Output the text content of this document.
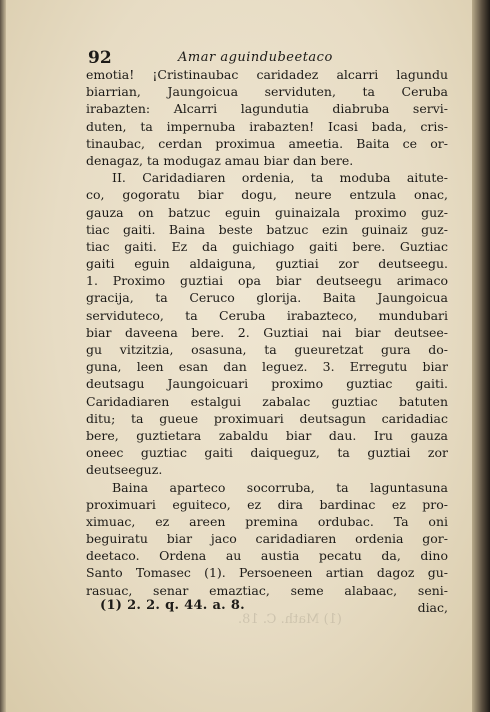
92	Amar aguindubeetaco
emotia! ¡Cristinaubac caridadez alcarri lagundu
biarrian, Jaungoicua serviduten, ta Ceruba
irabazten: Alcarri lagundutia diabruba servi-
duten, ta impernuba irabazten! Icasi bada, cris-
tinaubac, cerdan proximua ameetia. Baita ce or-
denagaz, ta modugaz amau biar dan bere.
II. Caridadiaren ordenia, ta moduba aitute-
co, gogoratu biar dogu, neure entzula onac,
gauza on batzuc eguin guinaizala proximo guz-
tiac gaiti. Baina beste batzuc ezin guinaiz guz-
tiac gaiti. Ez da guichiago gaiti bere. Guztiac
gaiti eguin aldaiguna, guztiai zor deutseegu.
1. Proximo guztiai opa biar deutseegu arimaco
gracija, ta Ceruco glorija. Baita Jaungoicua
serviduteco, ta Ceruba irabazteco, mundubari
biar daveena bere. 2. Guztiai nai biar deutsee-
gu vitzitzia, osasuna, ta gueuretzat gura do-
guna, leen esan dan leguez. 3. Erregutu biar
deutsagu Jaungoicuari proximo guztiac gaiti.
Caridadiaren estalgui zabalac guztiac batuten
ditu; ta gueue proximuari deutsagun caridadiac
bere, guztietara zabaldu biar dau. Iru gauza
oneec guztiac gaiti daiqueguz, ta guztiai zor
deutseeguz.
Baina aparteco socorruba, ta laguntasuna
proximuari eguiteco, ez dira bardinac ez pro-
ximuac, ez areen premina ordubac. Ta oni
beguiratu biar jaco caridadiaren ordenia gor-
deetaco. Ordena au austia pecatu da, dino
Santo Tomasec (1). Persoeneen artian dagoz gu-
rasuac, senar emaztiac, seme alabaac, seni-
diac,
(1) Math. C. 18.
(1) 2. 2. q. 44. a. 8.
